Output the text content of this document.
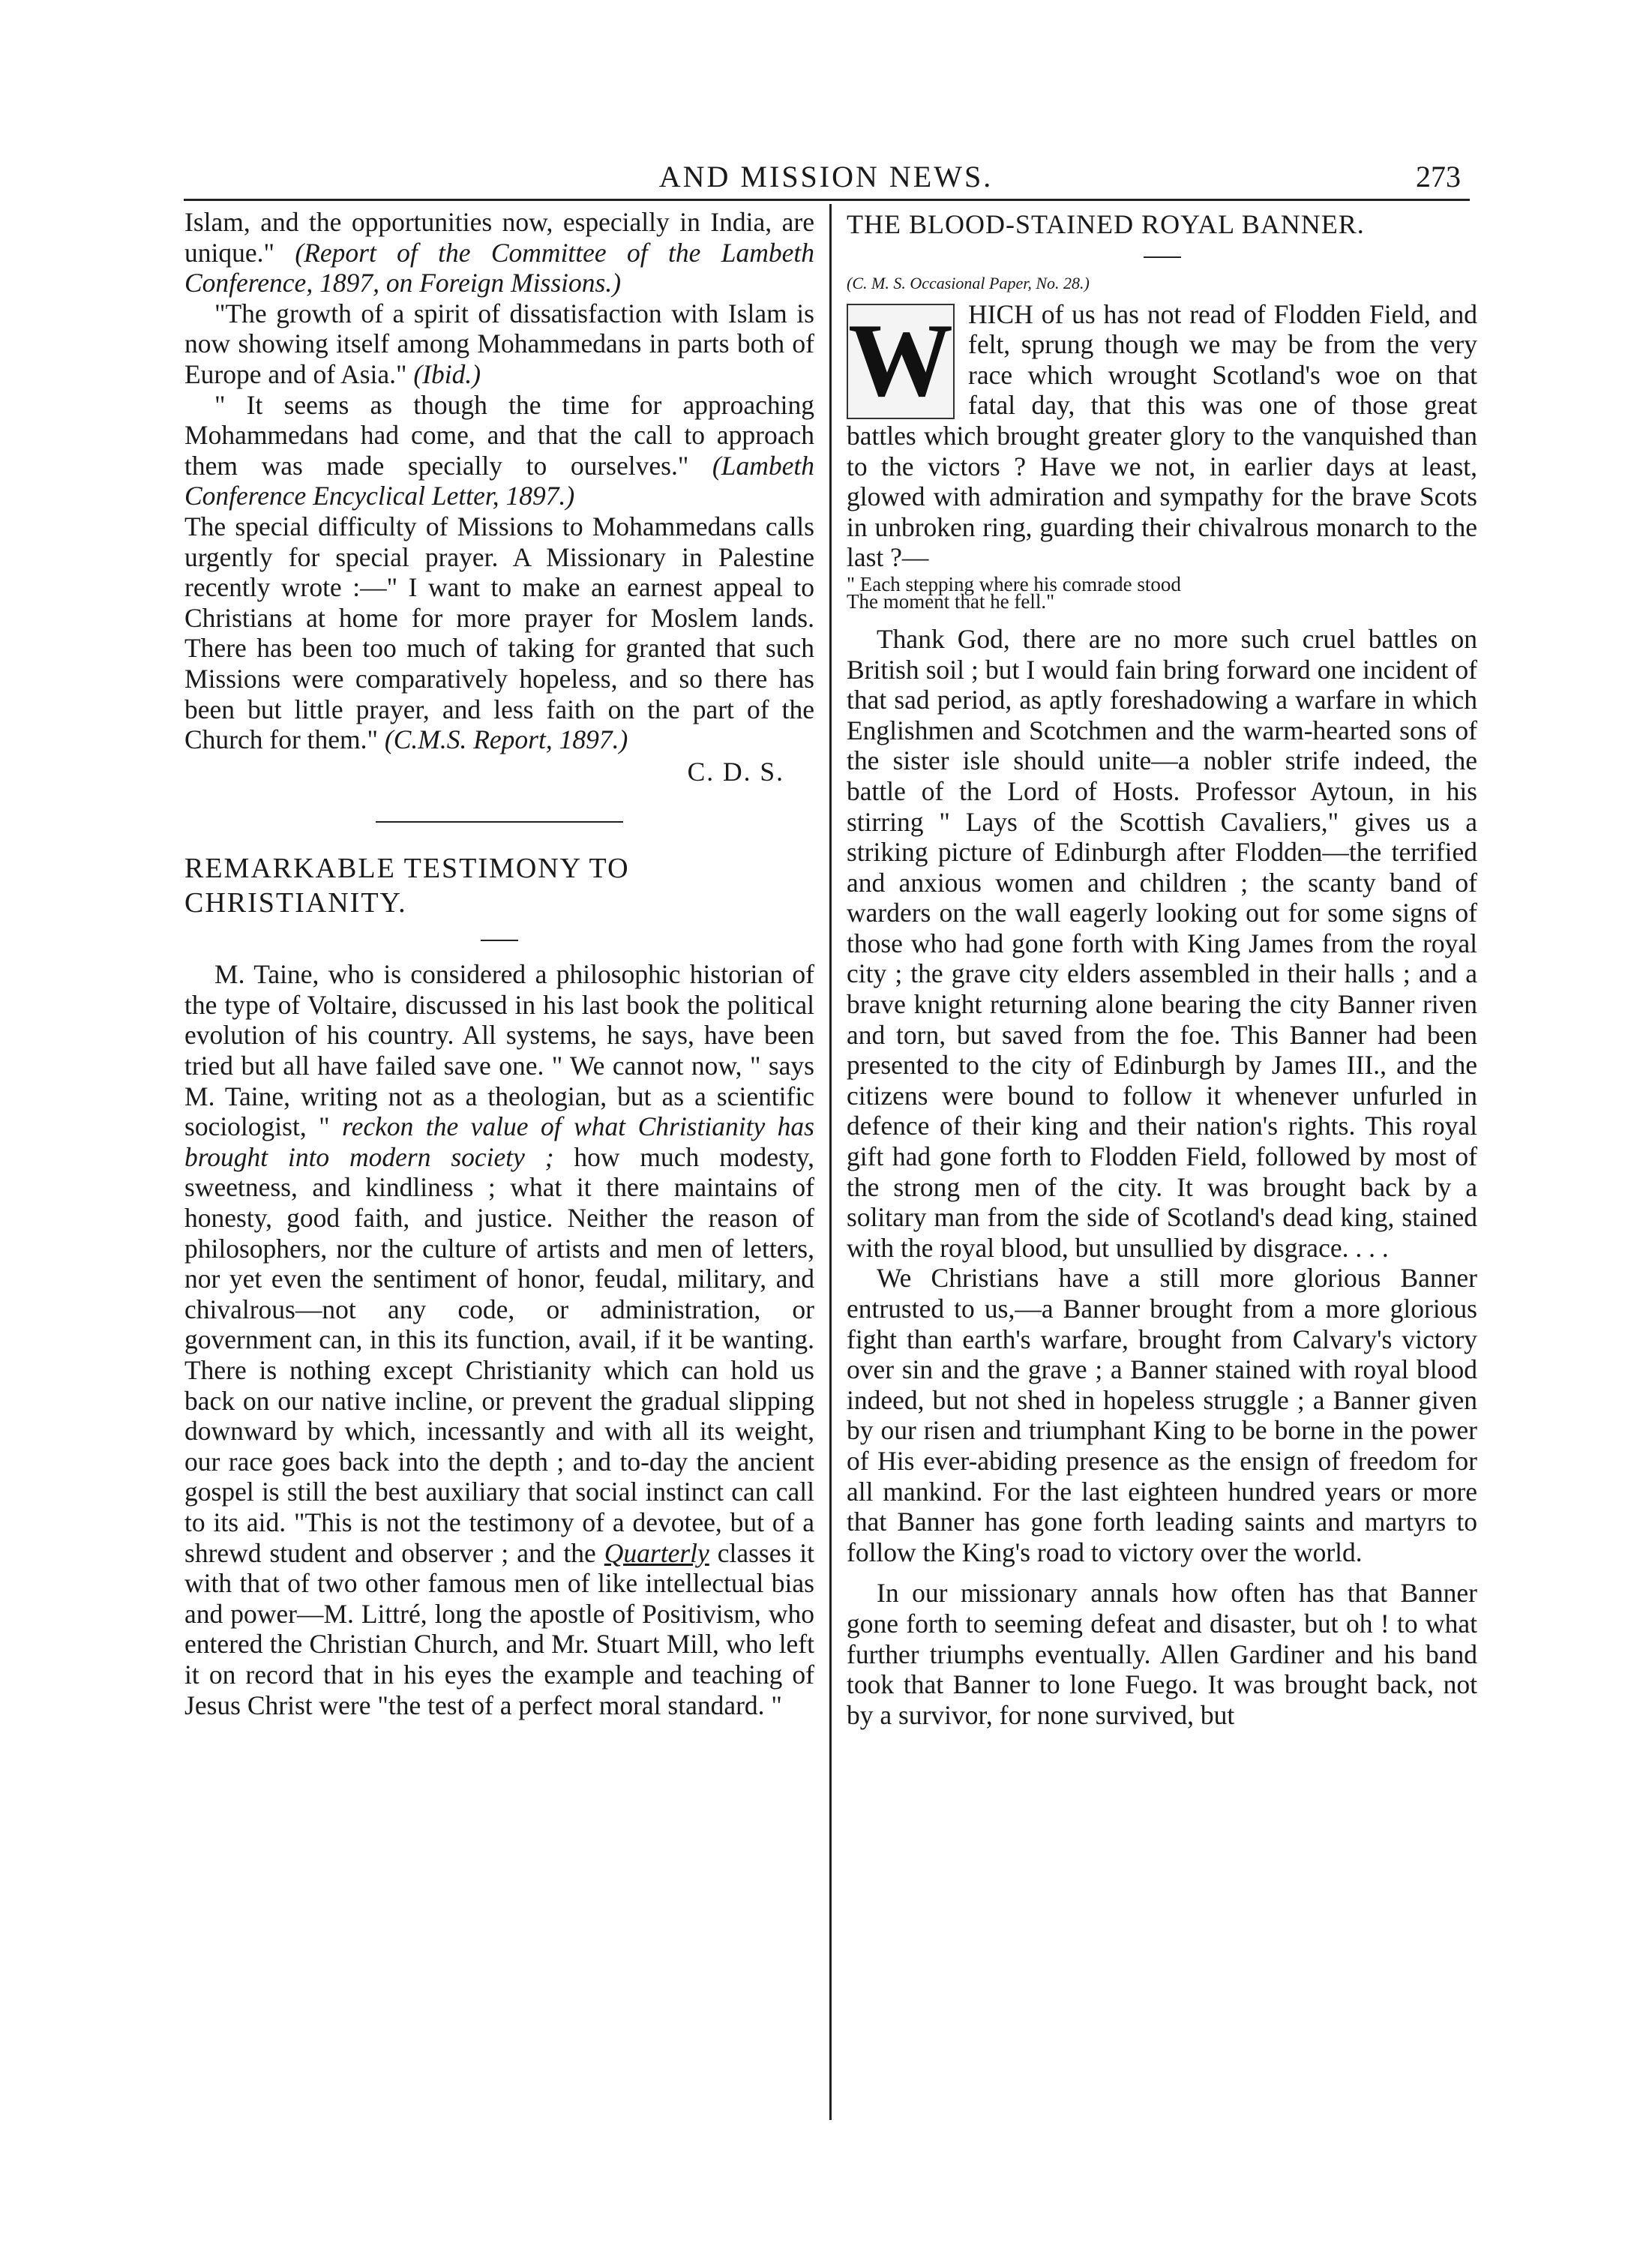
AND MISSION NEWS.	273

Islam, and the opportunities now, especially in India, are unique." (Report of the Committee of the Lambeth Conference, 1897, on Foreign Missions.)

"The growth of a spirit of dissatisfaction with Islam is now showing itself among Mohammedans in parts both of Europe and of Asia." (Ibid.)

" It seems as though the time for approaching Mohammedans had come, and that the call to approach them was made specially to ourselves." (Lambeth Conference Encyclical Letter, 1897.)

The special difficulty of Missions to Mohammedans calls urgently for special prayer. A Missionary in Palestine recently wrote :—" I want to make an earnest appeal to Christians at home for more prayer for Moslem lands. There has been too much of taking for granted that such Missions were comparatively hopeless, and so there has been but little prayer, and less faith on the part of the Church for them." (C.M.S. Report, 1897.)

C. D. S.

REMARKABLE TESTIMONY TO

CHRISTIANITY.

M. Taine, who is considered a philosophic historian of the type of Voltaire, discussed in his last book the political evolution of his country. All systems, he says, have been tried but all have failed save one. " We cannot now, " says M. Taine, writing not as a theologian, but as a scientific sociologist, " reckon the value of what Christianity has brought into modern society ; how much modesty, sweetness, and kindliness ; what it there maintains of honesty, good faith, and justice. Neither the reason of philosophers, nor the culture of artists and men of letters, nor yet even the sentiment of honor, feudal, military, and chivalrous—not any code, or administration, or government can, in this its function, avail, if it be wanting. There is nothing except Christianity which can hold us back on our native incline, or prevent the gradual slipping downward by which, incessantly and with all its weight, our race goes back into the depth ; and to-day the ancient gospel is still the best auxiliary that social instinct can call to its aid. "This is not the testimony of a devotee, but of a shrewd student and observer ; and the Quarterly classes it with that of two other famous men of like intellectual bias and power—M. Littré, long the apostle of Positivism, who entered the Christian Church, and Mr. Stuart Mill, who left it on record that in his eyes the example and teaching of Jesus Christ were "the test of a perfect moral standard. "

THE BLOOD-STAINED ROYAL BANNER.

(C. M. S. Occasional Paper, No. 28.)

W HICH of us has not read of Flodden Field, and felt, sprung though we may be from the very race which wrought Scotland's woe on that fatal day, that this was one of those great battles which brought greater glory to the vanquished than to the victors ? Have we not, in earlier days at least, glowed with admiration and sympathy for the brave Scots in unbroken ring, guarding their chivalrous monarch to the last ?—

" Each stepping where his comrade stood

The moment that he fell."

Thank God, there are no more such cruel battles on British soil ; but I would fain bring forward one incident of that sad period, as aptly foreshadowing a warfare in which Englishmen and Scotchmen and the warm-hearted sons of the sister isle should unite—a nobler strife indeed, the battle of the Lord of Hosts. Professor Aytoun, in his stirring " Lays of the Scottish Cavaliers," gives us a striking picture of Edinburgh after Flodden—the terrified and anxious women and children ; the scanty band of warders on the wall eagerly looking out for some signs of those who had gone forth with King James from the royal city ; the grave city elders assembled in their halls ; and a brave knight returning alone bearing the city Banner riven and torn, but saved from the foe. This Banner had been presented to the city of Edinburgh by James III., and the citizens were bound to follow it whenever unfurled in defence of their king and their nation's rights. This royal gift had gone forth to Flodden Field, followed by most of the strong men of the city. It was brought back by a solitary man from the side of Scotland's dead king, stained with the royal blood, but unsullied by disgrace. . . .

We Christians have a still more glorious Banner entrusted to us,—a Banner brought from a more glorious fight than earth's warfare, brought from Calvary's victory over sin and the grave ; a Banner stained with royal blood indeed, but not shed in hopeless struggle ; a Banner given by our risen and triumphant King to be borne in the power of His ever-abiding presence as the ensign of freedom for all mankind. For the last eighteen hundred years or more that Banner has gone forth leading saints and martyrs to follow the King's road to victory over the world.

In our missionary annals how often has that Banner gone forth to seeming defeat and disaster, but oh ! to what further triumphs eventually. Allen Gardiner and his band took that Banner to lone Fuego. It was brought back, not by a survivor, for none survived, but
